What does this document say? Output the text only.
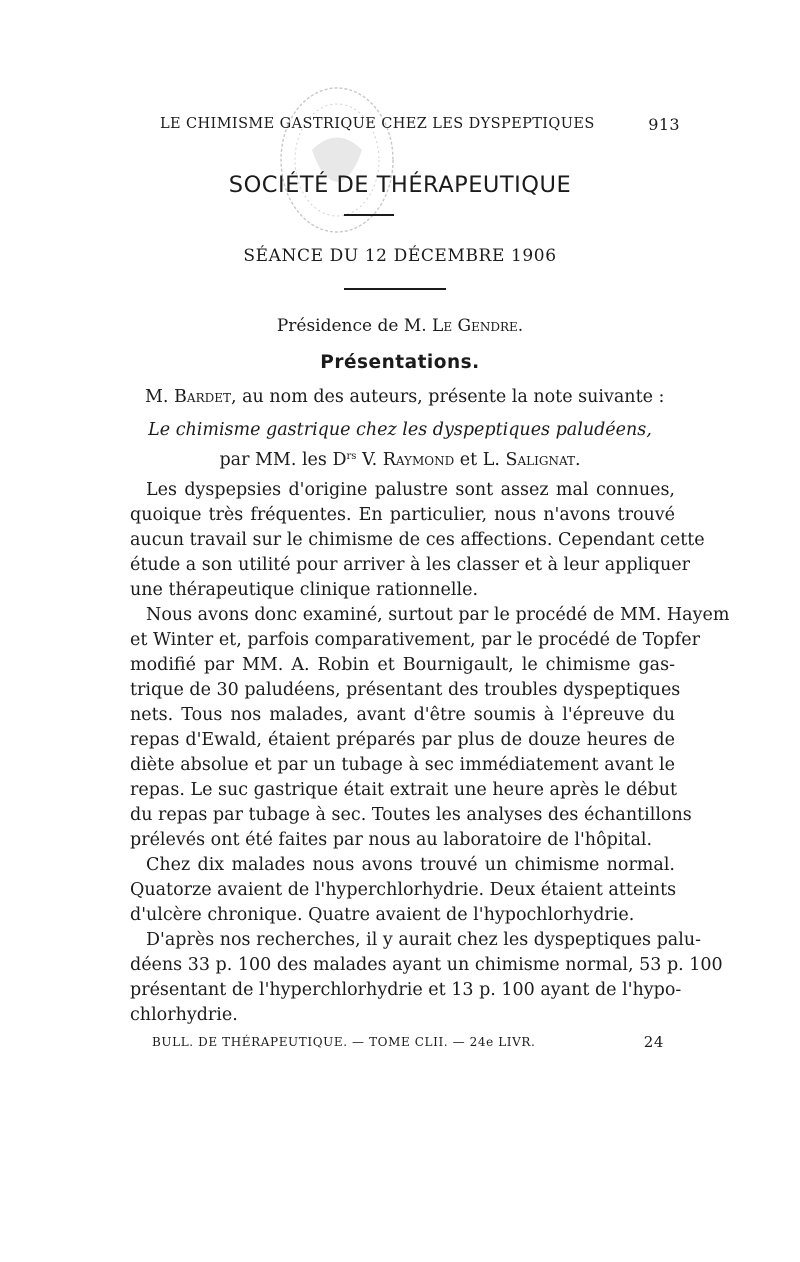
LE CHIMISME GASTRIQUE CHEZ LES DYSPEPTIQUES	913
SOCIÉTÉ DE THÉRAPEUTIQUE
SÉANCE DU 12 DÉCEMBRE 1906
Présidence de M. Le Gendre.
Présentations.
M. Bardet, au nom des auteurs, présente la note suivante :
Le chimisme gastrique chez les dyspeptiques paludéens,
par MM. les $D^{rs}$ V. Raymond et L. Salignat.
Les dyspepsies d'origine palustre sont assez mal connues,
quoique très fréquentes. En particulier, nous n'avons trouvé
aucun travail sur le chimisme de ces affections. Cependant cette
étude a son utilité pour arriver à les classer et à leur appliquer
une thérapeutique clinique rationnelle.
Nous avons donc examiné, surtout par le procédé de MM. Hayem
et Winter et, parfois comparativement, par le procédé de Topfer
modifié par MM. A. Robin et Bournigault, le chimisme gas-
trique de 30 paludéens, présentant des troubles dyspeptiques
nets. Tous nos malades, avant d'être soumis à l'épreuve du
repas d'Ewald, étaient préparés par plus de douze heures de
diète absolue et par un tubage à sec immédiatement avant le
repas. Le suc gastrique était extrait une heure après le début
du repas par tubage à sec. Toutes les analyses des échantillons
prélevés ont été faites par nous au laboratoire de l'hôpital.
Chez dix malades nous avons trouvé un chimisme normal.
Quatorze avaient de l'hyperchlorhydrie. Deux étaient atteints
d'ulcère chronique. Quatre avaient de l'hypochlorhydrie.
D'après nos recherches, il y aurait chez les dyspeptiques palu-
déens 33 p. 100 des malades ayant un chimisme normal, 53 p. 100
présentant de l'hyperchlorhydrie et 13 p. 100 ayant de l'hypo-
chlorhydrie.
BULL. DE THÉRAPEUTIQUE. — TOME CLII. — 24e LIVR.	24
